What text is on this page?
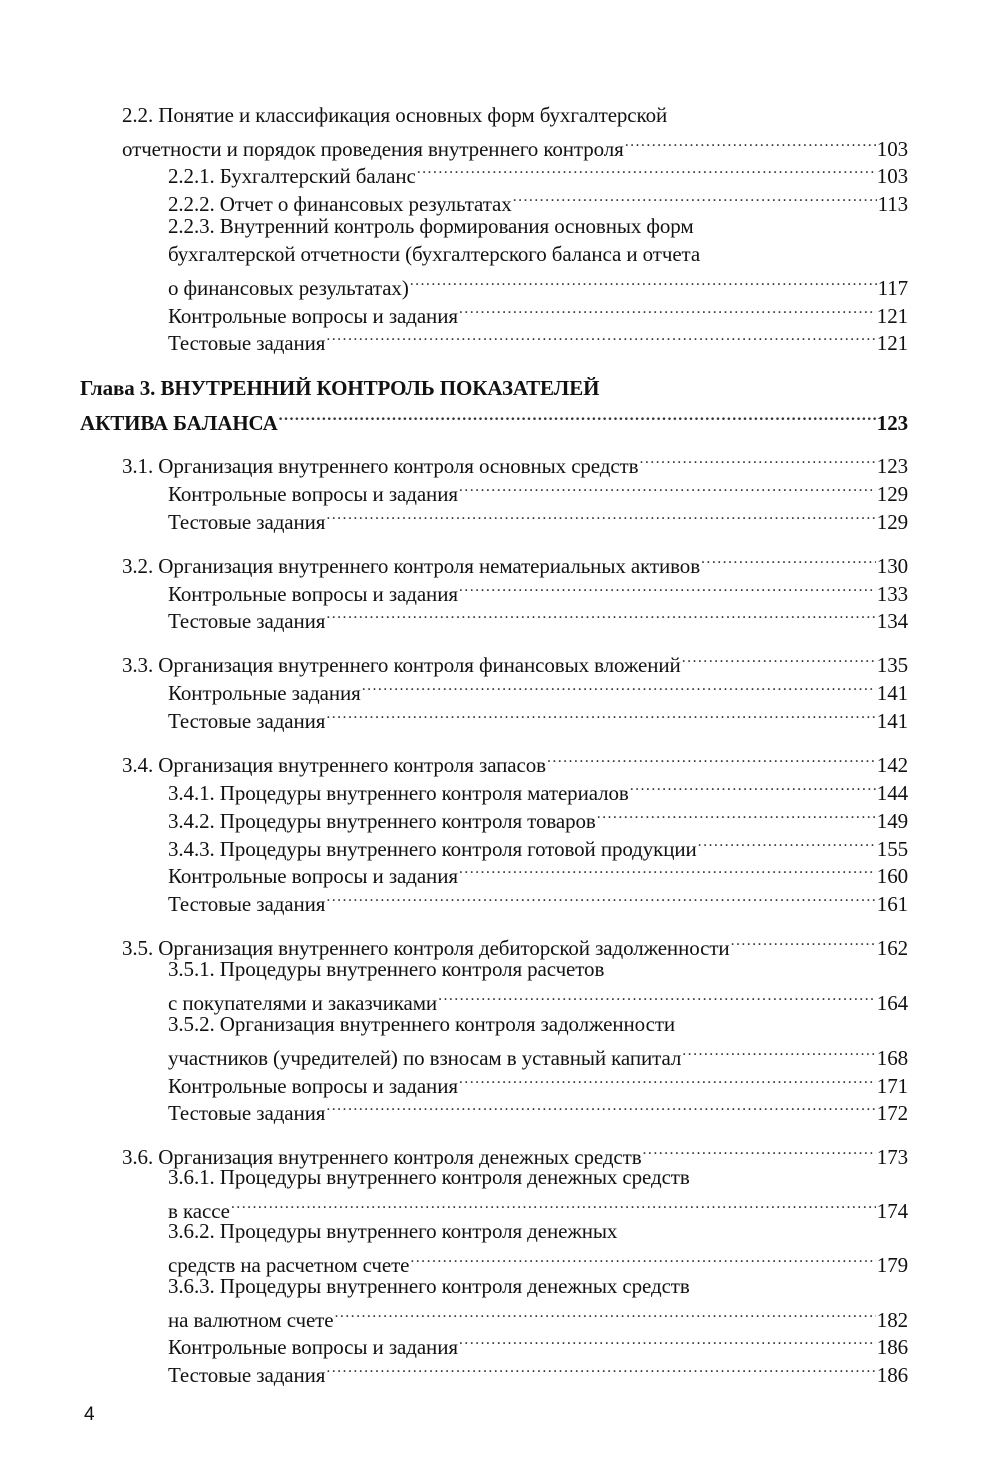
2.2. Понятие и классификация основных форм бухгалтерской
отчетности и порядок проведения внутреннего контроля .....	103
2.2.1. Бухгалтерский баланс .....	103
2.2.2. Отчет о финансовых результатах .....	113
2.2.3. Внутренний контроль формирования основных форм
бухгалтерской отчетности (бухгалтерского баланса и отчета
о финансовых результатах) .....	117
Контрольные вопросы и задания .....	121
Тестовые задания .....	121
Глава 3. ВНУТРЕННИЙ КОНТРОЛЬ ПОКАЗАТЕЛЕЙ
АКТИВА БАЛАНСА .....	123
3.1. Организация внутреннего контроля основных средств .....	123
Контрольные вопросы и задания .....	129
Тестовые задания .....	129
3.2. Организация внутреннего контроля нематериальных активов .....	130
Контрольные вопросы и задания .....	133
Тестовые задания .....	134
3.3. Организация внутреннего контроля финансовых вложений .....	135
Контрольные задания .....	141
Тестовые задания .....	141
3.4. Организация внутреннего контроля запасов .....	142
3.4.1. Процедуры внутреннего контроля материалов .....	144
3.4.2. Процедуры внутреннего контроля товаров .....	149
3.4.3. Процедуры внутреннего контроля готовой продукции .....	155
Контрольные вопросы и задания .....	160
Тестовые задания .....	161
3.5. Организация внутреннего контроля дебиторской задолженности .....	162
3.5.1. Процедуры внутреннего контроля расчетов
с покупателями и заказчиками .....	164
3.5.2. Организация внутреннего контроля задолженности
участников (учредителей) по взносам в уставный капитал .....	168
Контрольные вопросы и задания .....	171
Тестовые задания .....	172
3.6. Организация внутреннего контроля денежных средств .....	173
3.6.1. Процедуры внутреннего контроля денежных средств
в кассе .....	174
3.6.2. Процедуры внутреннего контроля денежных
средств на расчетном счете .....	179
3.6.3. Процедуры внутреннего контроля денежных средств
на валютном счете .....	182
Контрольные вопросы и задания .....	186
Тестовые задания .....	186
4
